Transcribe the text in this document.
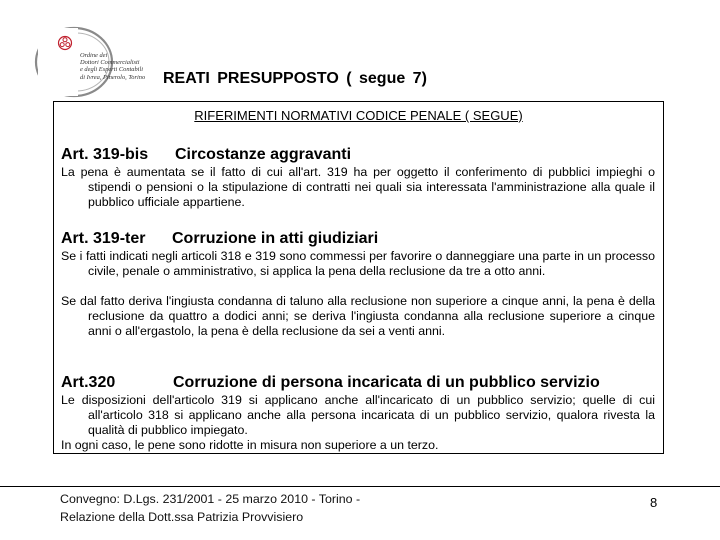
Ordine dei
Dottori Commercialisti
e degli Esperti Contabili
di Ivrea, Pinerolo, Torino	REATI PRESUPPOSTO ( segue 7)
RIFERIMENTI NORMATIVI CODICE PENALE ( SEGUE)
Art. 319-bis Circostanze aggravanti
La pena è aumentata se il fatto di cui all'art. 319 ha per oggetto il conferimento di pubblici impieghi o stipendi o pensioni o la stipulazione di contratti nei quali sia interessata l'amministrazione alla quale il pubblico ufficiale appartiene.
Art. 319-ter Corruzione in atti giudiziari
Se i fatti indicati negli articoli 318 e 319 sono commessi per favorire o danneggiare una parte in un processo civile, penale o amministrativo, si applica la pena della reclusione da tre a otto anni.
Se dal fatto deriva l'ingiusta condanna di taluno alla reclusione non superiore a cinque anni, la pena è della reclusione da quattro a dodici anni; se deriva l'ingiusta condanna alla reclusione superiore a cinque anni o all'ergastolo, la pena è della reclusione da sei a venti anni.
Art.320	Corruzione di persona incaricata di un pubblico servizio
Le disposizioni dell'articolo 319 si applicano anche all'incaricato di un pubblico servizio; quelle di cui all'articolo 318 si applicano anche alla persona incaricata di un pubblico servizio, qualora rivesta la qualità di pubblico impiegato.
In ogni caso, le pene sono ridotte in misura non superiore a un terzo.
Convegno: D.Lgs. 231/2001 - 25 marzo 2010 - Torino -
Relazione della Dott.ssa Patrizia Provvisiero
8
